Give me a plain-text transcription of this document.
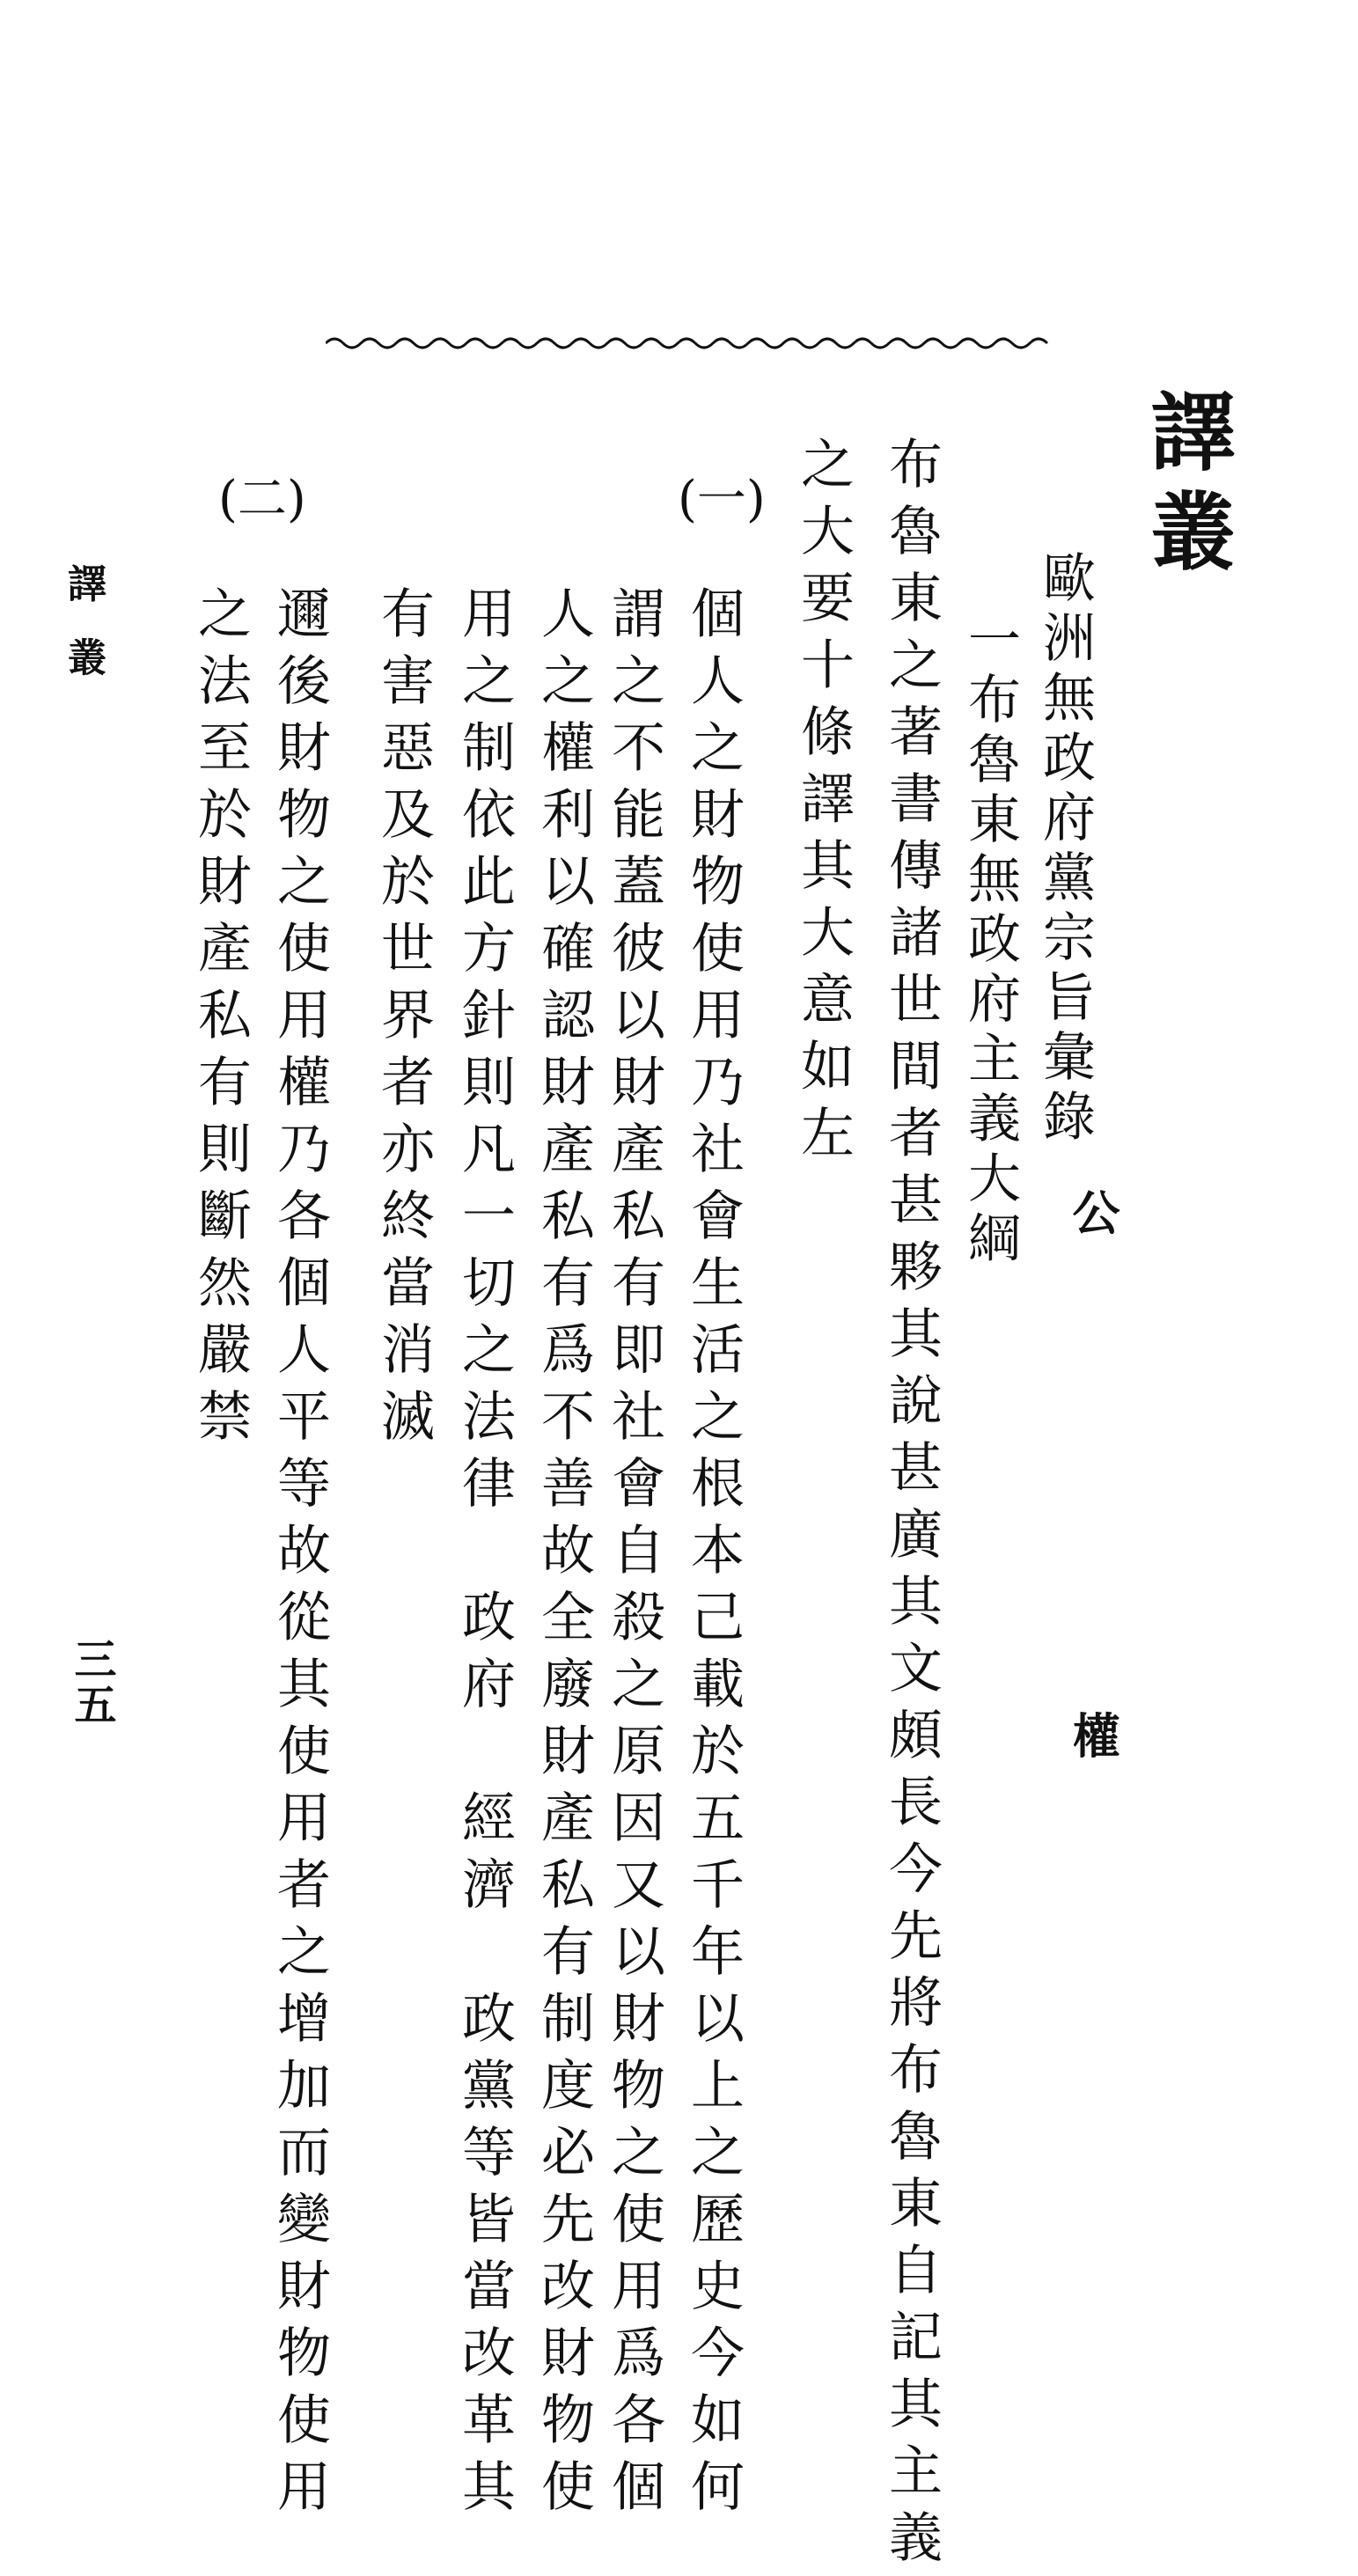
譯叢
公權
歐洲無政府黨宗旨彙錄
一布魯東無政府主義大綱
布魯東之著書傳諸世間者甚夥其說甚廣其文頗長今先將布魯東自記其主義
之大要十條譯其大意如左
(一)
個人之財物使用乃社會生活之根本己載於五千年以上之歷史今如何
謂之不能蓋彼以財產私有即社會自殺之原因又以財物之使用爲各個
人之權利以確認財產私有爲不善故全廢財產私有制度必先改財物使
用之制依此方針則凡一切之法律　政府　經濟　政黨等皆當改革其
有害惡及於世界者亦終當消滅
(二)
邇後財物之使用權乃各個人平等故從其使用者之增加而變財物使用
之法至於財產私有則斷然嚴禁
譯叢
三五
